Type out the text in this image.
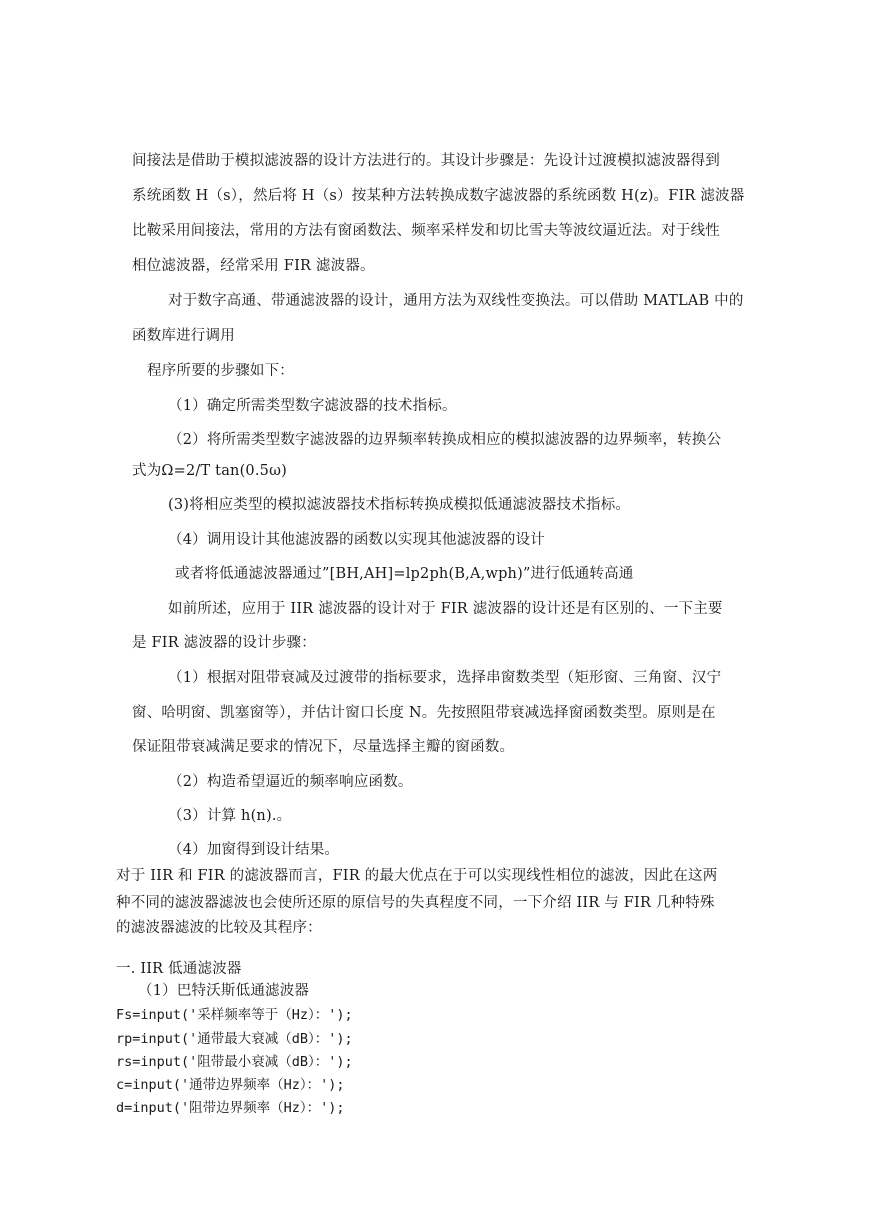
间接法是借助于模拟滤波器的设计方法进行的。其设计步骤是：先设计过渡模拟滤波器得到
系统函数 H（s），然后将 H（s）按某种方法转换成数字滤波器的系统函数 H(z)。FIR 滤波器
比鞍采用间接法，常用的方法有窗函数法、频率采样发和切比雪夫等波纹逼近法。对于线性
相位滤波器，经常采用 FIR 滤波器。
对于数字高通、带通滤波器的设计，通用方法为双线性变换法。可以借助 MATLAB 中的
函数库进行调用
程序所要的步骤如下：
（1）确定所需类型数字滤波器的技术指标。
（2）将所需类型数字滤波器的边界频率转换成相应的模拟滤波器的边界频率，转换公
式为Ω=2/T tan(0.5ω)
(3)将相应类型的模拟滤波器技术指标转换成模拟低通滤波器技术指标。
（4）调用设计其他滤波器的函数以实现其他滤波器的设计
或者将低通滤波器通过”[BH,AH]=lp2ph(B,A,wph)”进行低通转高通
如前所述，应用于 IIR 滤波器的设计对于 FIR 滤波器的设计还是有区别的、一下主要
是 FIR 滤波器的设计步骤：
（1）根据对阻带衰减及过渡带的指标要求，选择串窗数类型（矩形窗、三角窗、汉宁
窗、哈明窗、凯塞窗等），并估计窗口长度 N。先按照阻带衰减选择窗函数类型。原则是在
保证阻带衰减满足要求的情况下，尽量选择主瓣的窗函数。
（2）构造希望逼近的频率响应函数。
（3）计算 h(n).。
（4）加窗得到设计结果。
对于 IIR 和 FIR 的滤波器而言，FIR 的最大优点在于可以实现线性相位的滤波，因此在这两
种不同的滤波器滤波也会使所还原的原信号的失真程度不同，一下介绍 IIR 与 FIR 几种特殊
的滤波器滤波的比较及其程序：
一. IIR 低通滤波器
（1）巴特沃斯低通滤波器
Fs=input('采样频率等于（Hz）：');
rp=input('通带最大衰减（dB）：');
rs=input('阻带最小衰减（dB）：');
c=input('通带边界频率（Hz）：');
d=input('阻带边界频率（Hz）：');
